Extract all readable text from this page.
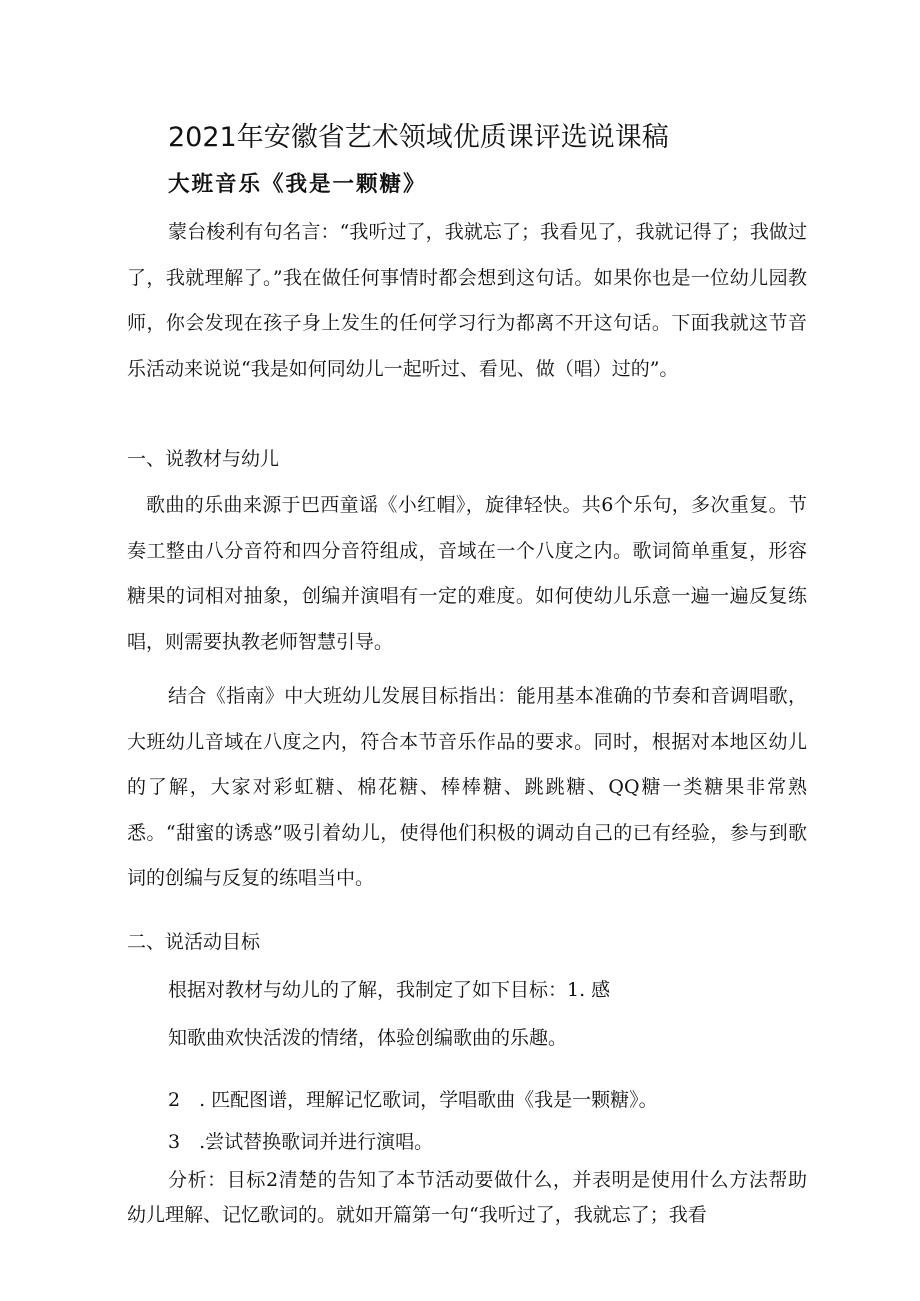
2021年安徽省艺术领域优质课评选说课稿
大班音乐《我是一颗糖》

蒙台梭利有句名言：“我听过了，我就忘了；我看见了，我就记得了；我做过了，我就理解了。”我在做任何事情时都会想到这句话。如果你也是一位幼儿园教师，你会发现在孩子身上发生的任何学习行为都离不开这句话。下面我就这节音乐活动来说说“我是如何同幼儿一起听过、看见、做（唱）过的”。

一、说教材与幼儿

歌曲的乐曲来源于巴西童谣《小红帽》，旋律轻快。共6个乐句，多次重复。节奏工整由八分音符和四分音符组成，音域在一个八度之内。歌词简单重复，形容糖果的词相对抽象，创编并演唱有一定的难度。如何使幼儿乐意一遍一遍反复练唱，则需要执教老师智慧引导。

结合《指南》中大班幼儿发展目标指出：能用基本准确的节奏和音调唱歌，大班幼儿音域在八度之内，符合本节音乐作品的要求。同时，根据对本地区幼儿的了解，大家对彩虹糖、棉花糖、棒棒糖、跳跳糖、QQ糖一类糖果非常熟悉。“甜蜜的诱惑”吸引着幼儿，使得他们积极的调动自己的已有经验，参与到歌词的创编与反复的练唱当中。

二、说活动目标

根据对教材与幼儿的了解，我制定了如下目标：1. 感

知歌曲欢快活泼的情绪，体验创编歌曲的乐趣。

2　. 匹配图谱，理解记忆歌词，学唱歌曲《我是一颗糖》。

3　.尝试替换歌词并进行演唱。

分析：目标2清楚的告知了本节活动要做什么，并表明是使用什么方法帮助幼儿理解、记忆歌词的。就如开篇第一句“我听过了，我就忘了；我看
